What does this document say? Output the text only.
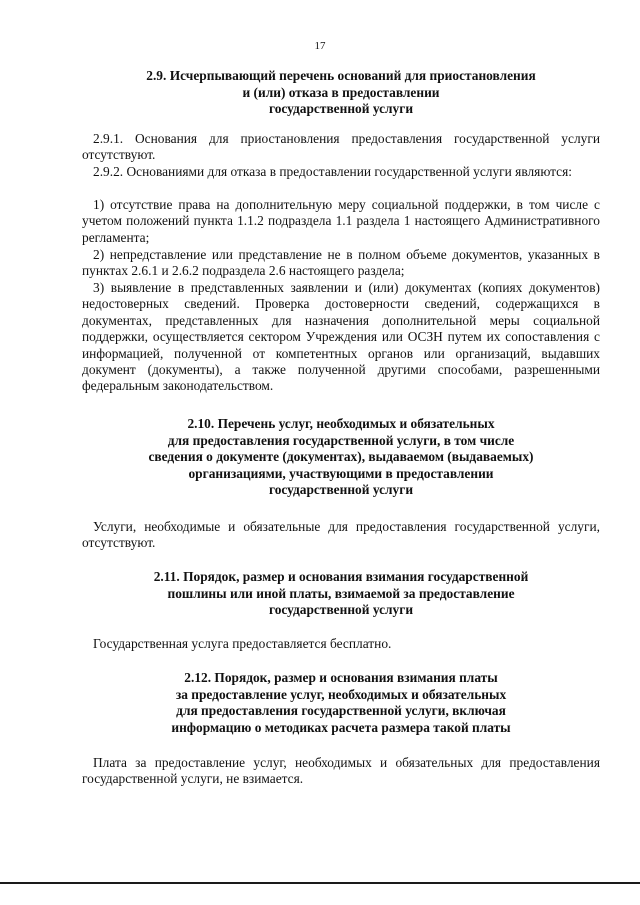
17
2.9. Исчерпывающий перечень оснований для приостановления
и (или) отказа в предоставлении
государственной услуги
2.9.1. Основания для приостановления предоставления государственной услуги отсутствуют.
2.9.2. Основаниями для отказа в предоставлении государственной услуги являются:
1) отсутствие права на дополнительную меру социальной поддержки, в том числе с учетом положений пункта 1.1.2 подраздела 1.1 раздела 1 настоящего Административного регламента;
2) непредставление или представление не в полном объеме документов, указанных в пунктах 2.6.1 и 2.6.2 подраздела 2.6 настоящего раздела;
3) выявление в представленных заявлении и (или) документах (копиях документов) недостоверных сведений. Проверка достоверности сведений, содержащихся в документах, представленных для назначения дополнительной меры социальной поддержки, осуществляется сектором Учреждения или ОСЗН путем их сопоставления с информацией, полученной от компетентных органов или организаций, выдавших документ (документы), а также полученной другими способами, разрешенными федеральным законодательством.
2.10. Перечень услуг, необходимых и обязательных
для предоставления государственной услуги, в том числе
сведения о документе (документах), выдаваемом (выдаваемых)
организациями, участвующими в предоставлении
государственной услуги
Услуги, необходимые и обязательные для предоставления государственной услуги, отсутствуют.
2.11. Порядок, размер и основания взимания государственной
пошлины или иной платы, взимаемой за предоставление
государственной услуги
Государственная услуга предоставляется бесплатно.
2.12. Порядок, размер и основания взимания платы
за предоставление услуг, необходимых и обязательных
для предоставления государственной услуги, включая
информацию о методиках расчета размера такой платы
Плата за предоставление услуг, необходимых и обязательных для предоставления государственной услуги, не взимается.
